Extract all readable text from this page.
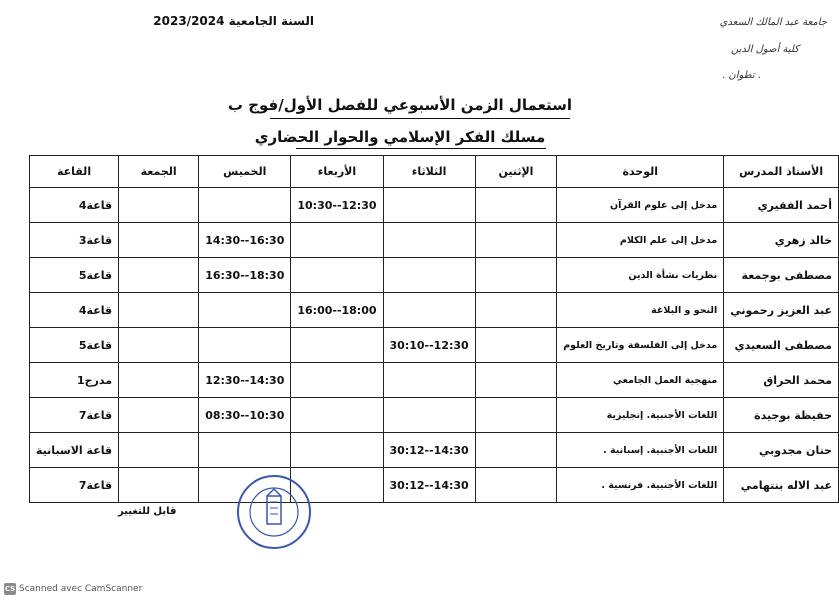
السنة الجامعية 2023/2024	جامعة عبد المالك السعدي
كلية أصول الدين
. تطوان .
استعمال الزمن الأسبوعي للفصل الأول/فوج ب
مسلك الفكر الإسلامي والحوار الحضاري
الأستاذ المدرس	الوحدة	الإثنين	الثلاثاء	الأربعاء	الخميس	الجمعة	القاعة
أحمد الفقيري	مدخل إلى علوم القرآن			10:30--12:30			قاعة4
خالد زهري	مدخل إلى علم الكلام				14:30--16:30		قاعة3
مصطفى بوجمعة	نظريات نشأة الدين				16:30--18:30		قاعة5
عبد العزيز رحموني	النحو و البلاغة			16:00--18:00			قاعة4
مصطفى السعيدي	مدخل إلى الفلسفة وتاريخ العلوم		30:10--12:30				قاعة5
محمد الحراق	منهجية العمل الجامعي				12:30--14:30		مدرج1
حفيظة بوجيدة	اللغات الأجنبية. إنجليزية				08:30--10:30		قاعة7
حنان مجدوبي	اللغات الأجنبية. إسبانية .		30:12--14:30				قاعة الاسبانية
عبد الاله بنتهامي	اللغات الأجنبية. فرنسية .		30:12--14:30				قاعة7
قابل للتغيير
CS Scanned avec CamScanner
